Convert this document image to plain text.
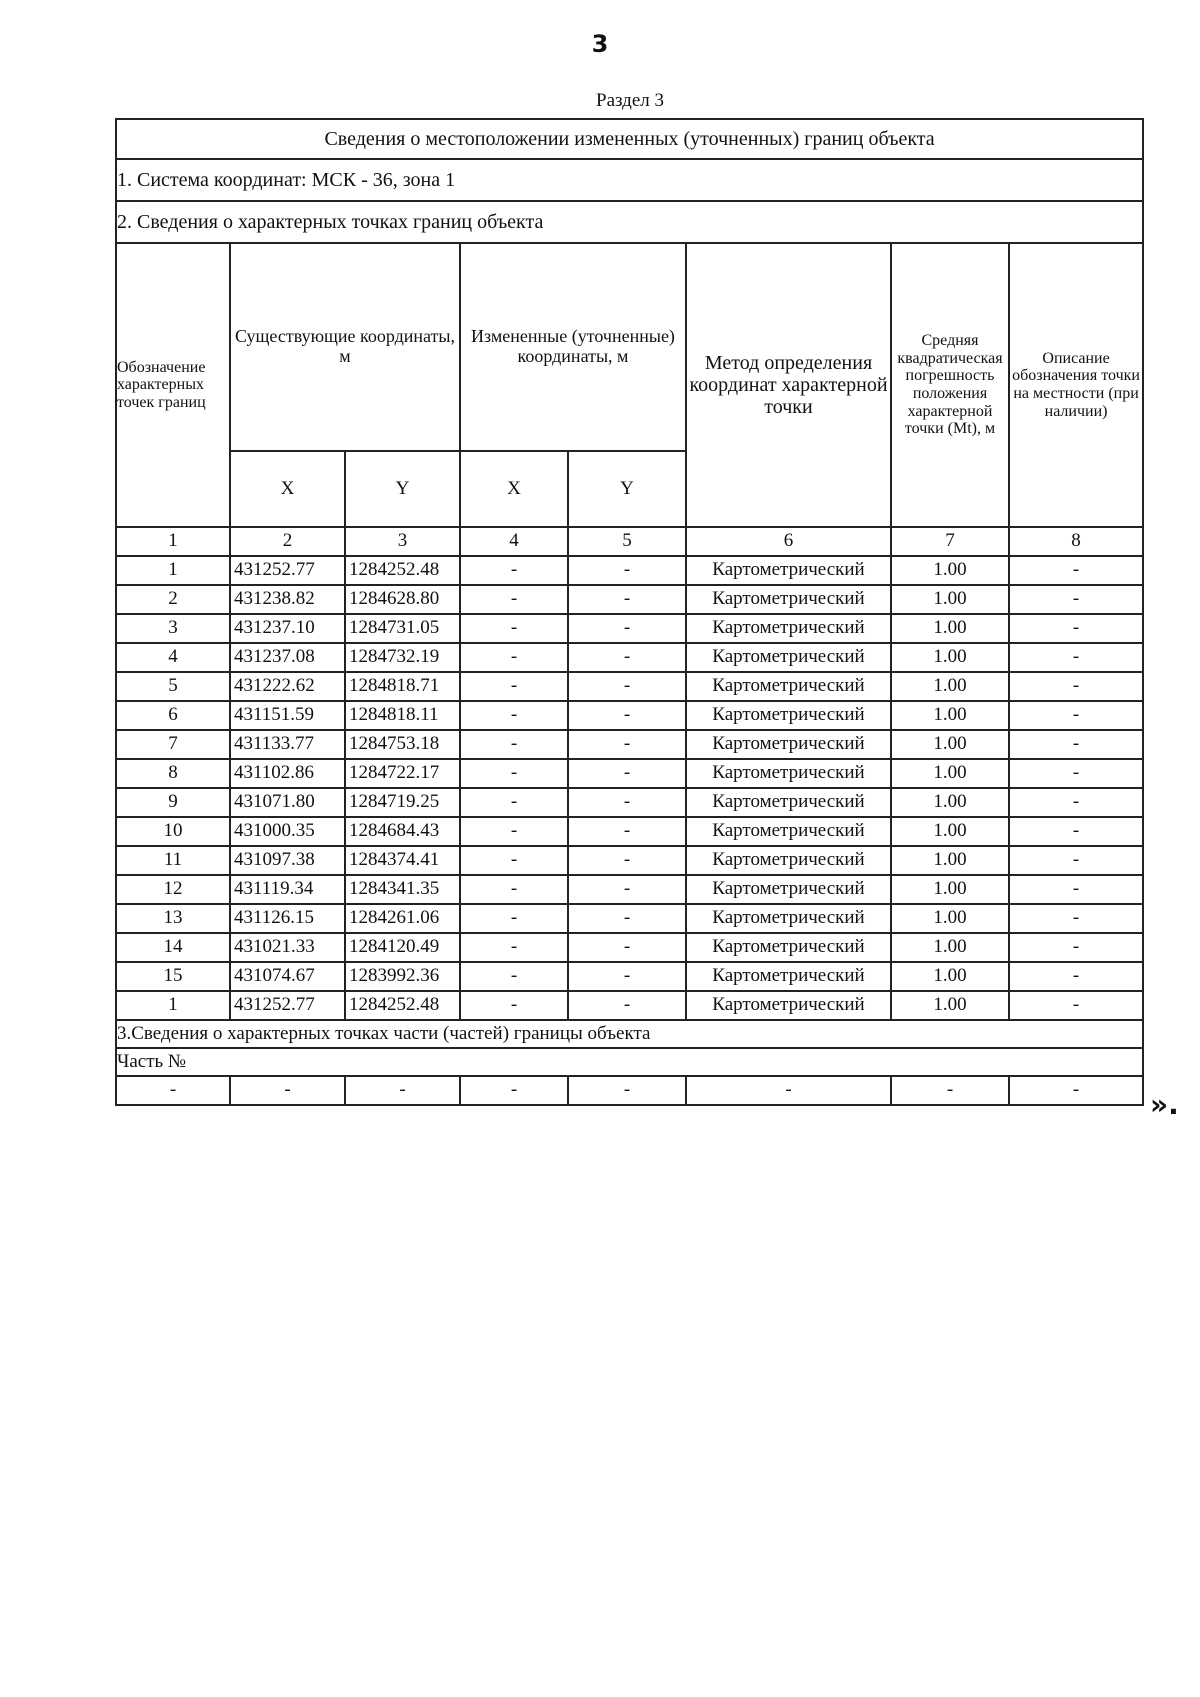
3
Раздел 3
Сведения о местоположении измененных (уточненных) границ объекта							
1. Система координат: МСК - 36, зона 1							
2. Сведения о характерных точках границ объекта							
Обозначение характерных точек границ	Существующие координаты, м		Измененные (уточненные) координаты, м		Метод определения координат характерной точки	Средняя квадратическая погрешность положения характерной точки (Mt), м	Описание обозначения точки на местности (при наличии)
	X	Y	X	Y			
1	2	3	4	5	6	7	8
1	431252.77	1284252.48	-	-	Картометрический	1.00	-
2	431238.82	1284628.80	-	-	Картометрический	1.00	-
3	431237.10	1284731.05	-	-	Картометрический	1.00	-
4	431237.08	1284732.19	-	-	Картометрический	1.00	-
5	431222.62	1284818.71	-	-	Картометрический	1.00	-
6	431151.59	1284818.11	-	-	Картометрический	1.00	-
7	431133.77	1284753.18	-	-	Картометрический	1.00	-
8	431102.86	1284722.17	-	-	Картометрический	1.00	-
9	431071.80	1284719.25	-	-	Картометрический	1.00	-
10	431000.35	1284684.43	-	-	Картометрический	1.00	-
11	431097.38	1284374.41	-	-	Картометрический	1.00	-
12	431119.34	1284341.35	-	-	Картометрический	1.00	-
13	431126.15	1284261.06	-	-	Картометрический	1.00	-
14	431021.33	1284120.49	-	-	Картометрический	1.00	-
15	431074.67	1283992.36	-	-	Картометрический	1.00	-
1	431252.77	1284252.48	-	-	Картометрический	1.00	-
3.Сведения о характерных точках части (частей) границы объекта							
Часть №							
-	-	-	-	-	-	-	-	».
